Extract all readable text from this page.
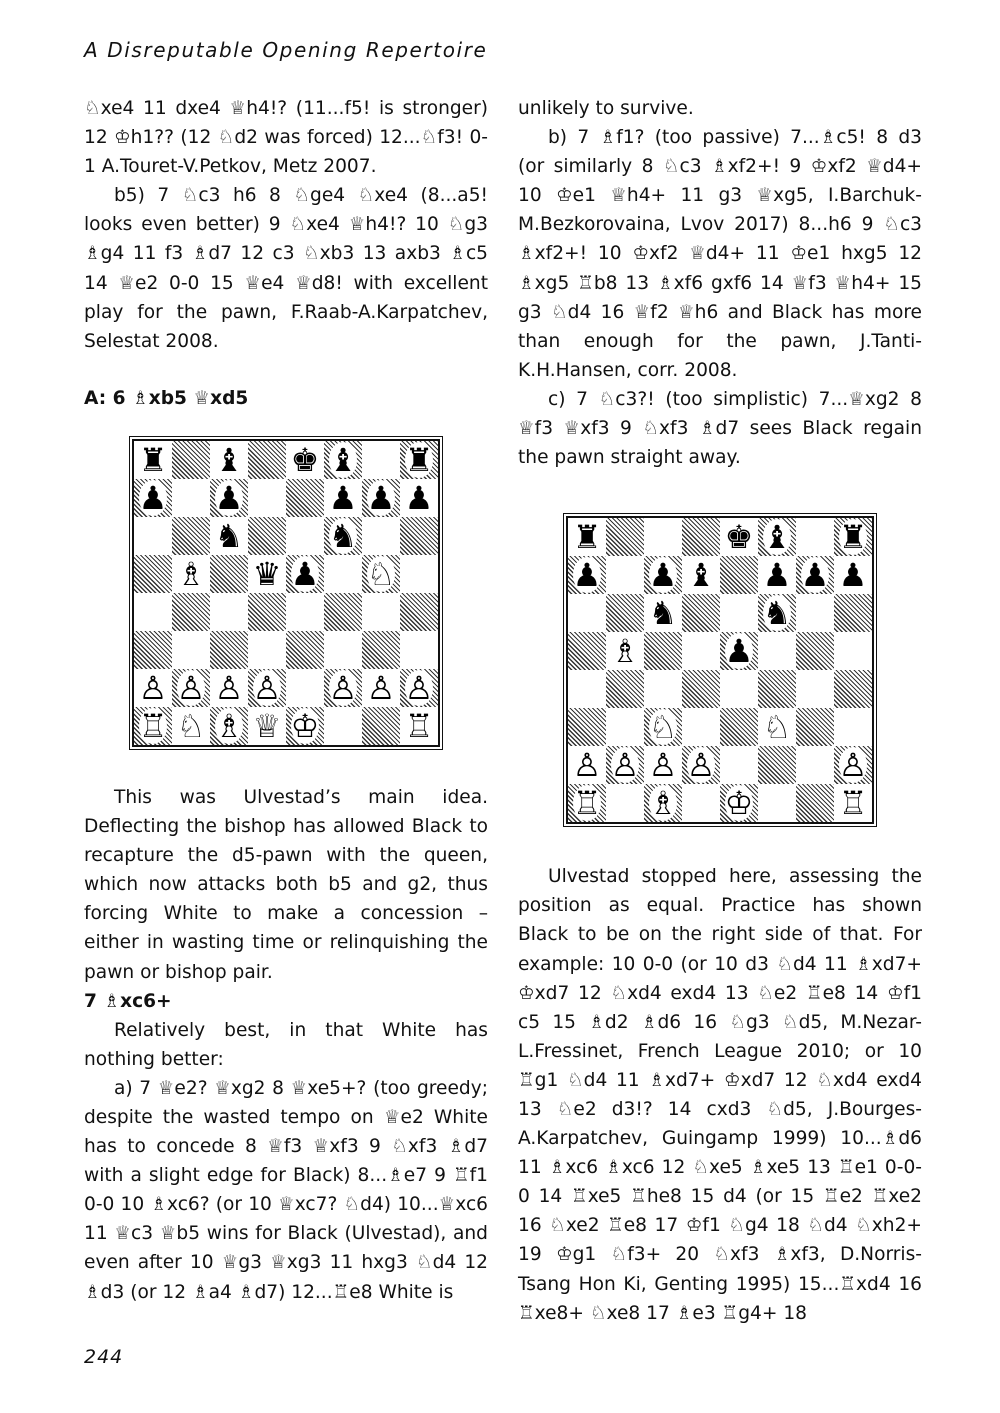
A Disreputable Opening Repertoire

♘xe4 11 dxe4 ♕h4!? (11...f5! is stronger) 12 ♔h1?? (12 ♘d2 was forced) 12...♘f3! 0-1 A.Touret-V.Petkov, Metz 2007.

b5) 7 ♘c3 h6 8 ♘ge4 ♘xe4 (8...a5! looks even better) 9 ♘xe4 ♕h4!? 10 ♘g3 ♗g4 11 f3 ♗d7 12 c3 ♘xb3 13 axb3 ♗c5 14 ♕e2 0-0 15 ♕e4 ♕d8! with excellent play for the pawn, F.Raab-A.Karpatchev, Selestat 2008.

A: 6 ♗xb5 ♕xd5

♜ ♝ ♚ ♝ ♜
♟ ♟	♟ ♟ ♟
♞	♞
♗ ♛ ♟ ♘
♙ ♙ ♙ ♙ ♙ ♙ ♙
♖ ♘ ♗ ♕ ♔	♖

This was Ulvestad’s main idea. Deflecting the bishop has allowed Black to recapture the d5-pawn with the queen, which now attacks both b5 and g2, thus forcing White to make a concession – either in wasting time or relinquishing the pawn or bishop pair.

7 ♗xc6+

Relatively best, in that White has nothing better:

a) 7 ♕e2? ♕xg2 8 ♕xe5+? (too greedy; despite the wasted tempo on ♕e2 White has to concede 8 ♕f3 ♕xf3 9 ♘xf3 ♗d7 with a slight edge for Black) 8...♗e7 9 ♖f1 0-0 10 ♗xc6? (or 10 ♕xc7? ♘d4) 10...♕xc6 11 ♕c3 ♕b5 wins for Black (Ulvestad), and even after 10 ♕g3 ♕xg3 11 hxg3 ♘d4 12 ♗d3 (or 12 ♗a4 ♗d7) 12...♖e8 White is

unlikely to survive.

b) 7 ♗f1? (too passive) 7...♗c5! 8 d3 (or similarly 8 ♘c3 ♗xf2+! 9 ♔xf2 ♕d4+ 10 ♔e1 ♕h4+ 11 g3 ♕xg5, I.Barchuk-M.Bezkorovaina, Lvov 2017) 8...h6 9 ♘c3 ♗xf2+! 10 ♔xf2 ♕d4+ 11 ♔e1 hxg5 12 ♗xg5 ♖b8 13 ♗xf6 gxf6 14 ♕f3 ♕h4+ 15 g3 ♘d4 16 ♕f2 ♕h6 and Black has more than enough for the pawn, J.Tanti-K.H.Hansen, corr. 2008.

c) 7 ♘c3?! (too simplistic) 7...♕xg2 8 ♕f3 ♕xf3 9 ♘xf3 ♗d7 sees Black regain the pawn straight away.

♜	♚ ♝ ♜
♟ ♟ ♝ ♟ ♟ ♟
♞	♞
♗	♟
♘	♘
♙ ♙ ♙ ♙	♙
♖ ♗ ♔	♖

Ulvestad stopped here, assessing the position as equal. Practice has shown Black to be on the right side of that. For example: 10 0-0 (or 10 d3 ♘d4 11 ♗xd7+ ♔xd7 12 ♘xd4 exd4 13 ♘e2 ♖e8 14 ♔f1 c5 15 ♗d2 ♗d6 16 ♘g3 ♘d5, M.Nezar-L.Fressinet, French League 2010; or 10 ♖g1 ♘d4 11 ♗xd7+ ♔xd7 12 ♘xd4 exd4 13 ♘e2 d3!? 14 cxd3 ♘d5, J.Bourges-A.Karpatchev, Guingamp 1999) 10...♗d6 11 ♗xc6 ♗xc6 12 ♘xe5 ♗xe5 13 ♖e1 0-0-0 14 ♖xe5 ♖he8 15 d4 (or 15 ♖e2 ♖xe2 16 ♘xe2 ♖e8 17 ♔f1 ♘g4 18 ♘d4 ♘xh2+ 19 ♔g1 ♘f3+ 20 ♘xf3 ♗xf3, D.Norris-Tsang Hon Ki, Genting 1995) 15...♖xd4 16 ♖xe8+ ♘xe8 17 ♗e3 ♖g4+ 18

244
